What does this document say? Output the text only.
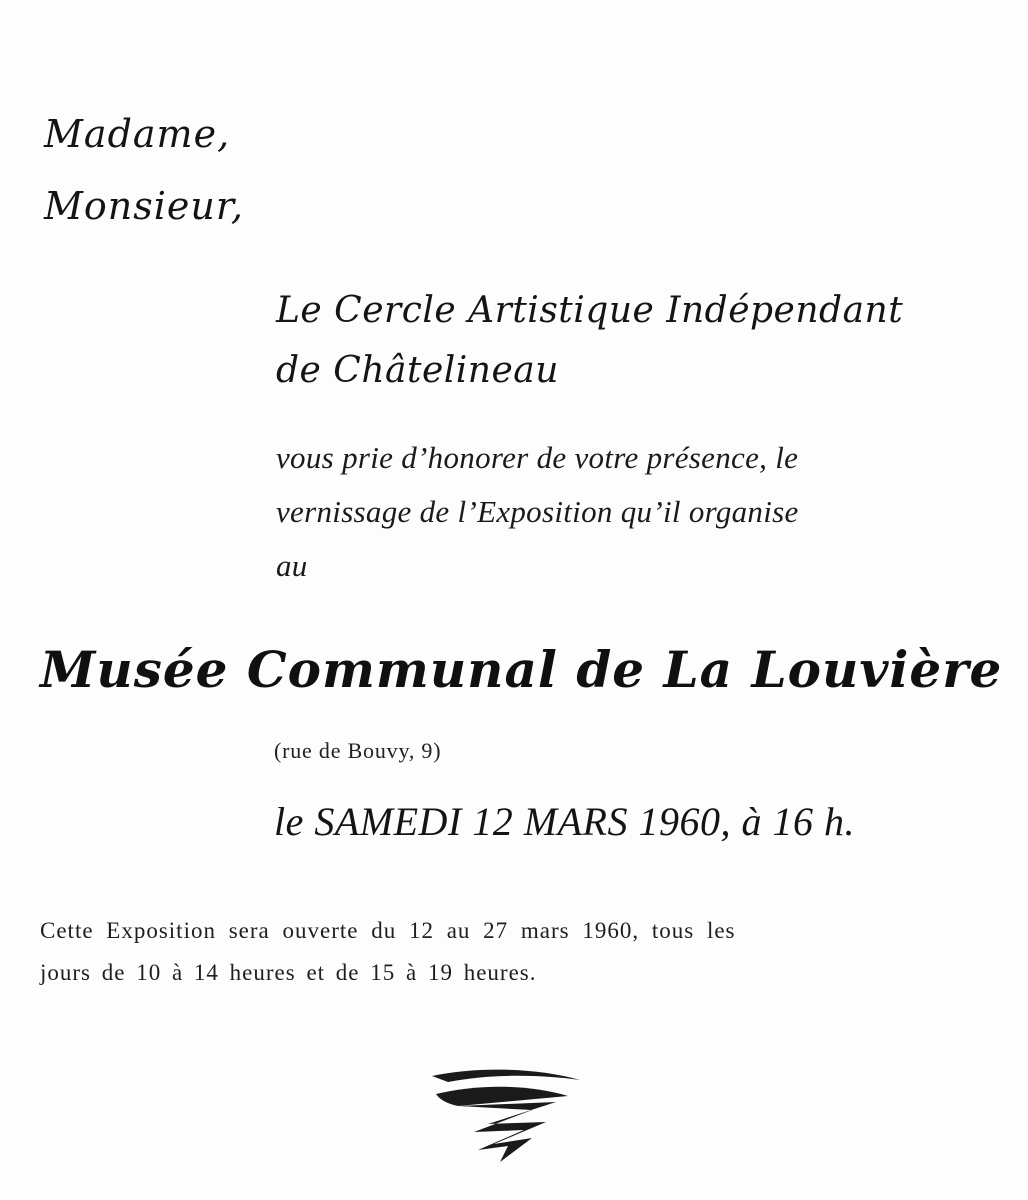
Madame,
Monsieur,
Le Cercle Artistique Indépendant
de Châtelineau
vous prie d’honorer de votre présence, le
vernissage de l’Exposition qu’il organise
au
Musée Communal de La Louvière
(rue de Bouvy, 9)
le SAMEDI 12 MARS 1960, à 16 h.
Cette Exposition sera ouverte du 12 au 27 mars 1960, tous les
jours de 10 à 14 heures et de 15 à 19 heures.
